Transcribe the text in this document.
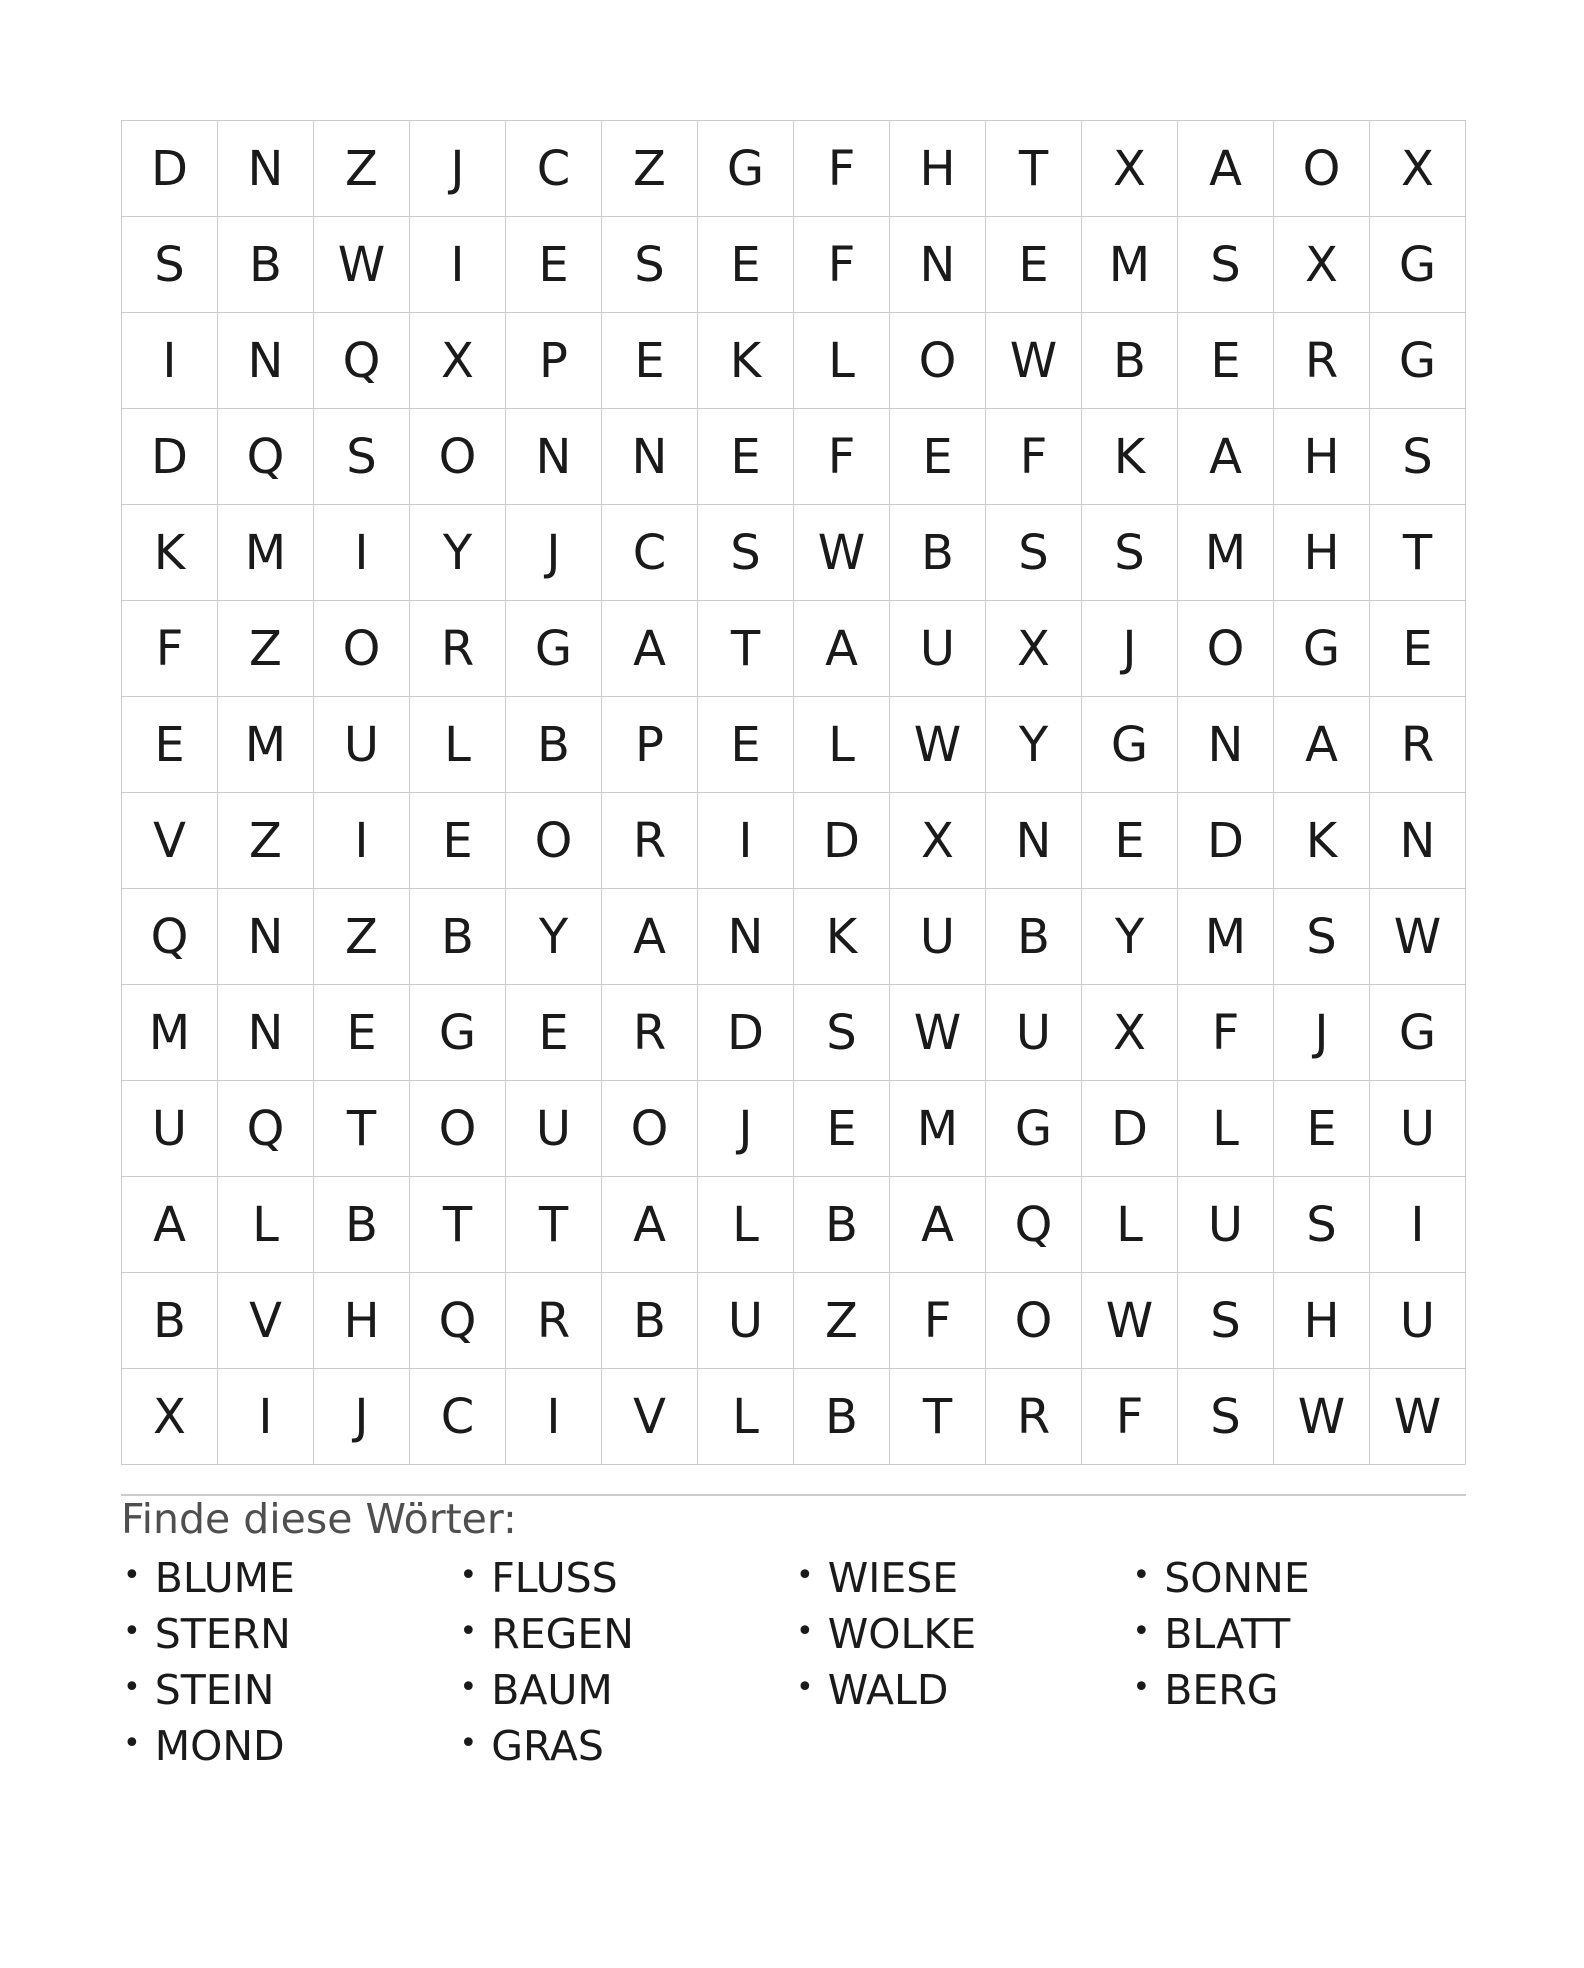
D	N	Z	J	C	Z	G	F	H	T	X	A	O	X
S	B	W	I	E	S	E	F	N	E	M	S	X	G
I	N	Q	X	P	E	K	L	O	W	B	E	R	G
D	Q	S	O	N	N	E	F	E	F	K	A	H	S
K	M	I	Y	J	C	S	W	B	S	S	M	H	T
F	Z	O	R	G	A	T	A	U	X	J	O	G	E
E	M	U	L	B	P	E	L	W	Y	G	N	A	R
V	Z	I	E	O	R	I	D	X	N	E	D	K	N
Q	N	Z	B	Y	A	N	K	U	B	Y	M	S	W
M	N	E	G	E	R	D	S	W	U	X	F	J	G
U	Q	T	O	U	O	J	E	M	G	D	L	E	U
A	L	B	T	T	A	L	B	A	Q	L	U	S	I
B	V	H	Q	R	B	U	Z	F	O	W	S	H	U
X	I	J	C	I	V	L	B	T	R	F	S	W	W
Finde diese Wörter:
• BLUME
• STERN
• STEIN
• MOND
• FLUSS
• REGEN
• BAUM
• GRAS
• WIESE
• WOLKE
• WALD
• SONNE
• BLATT
• BERG
